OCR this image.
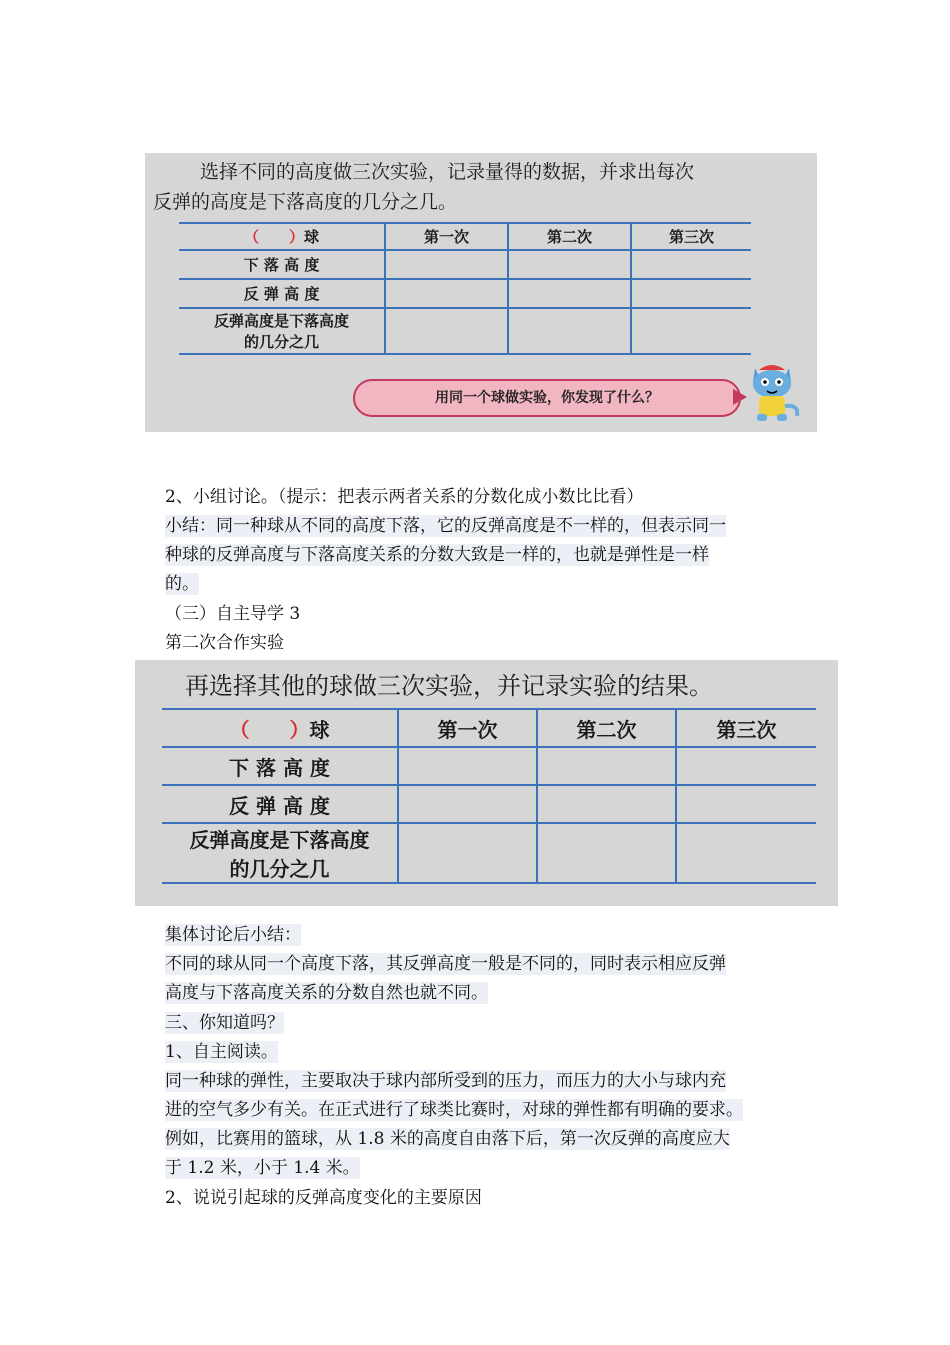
选择不同的高度做三次实验，记录量得的数据，并求出每次
反弹的高度是下落高度的几分之几。
（　　）球	第一次	第二次	第三次
下 落 高 度			
反 弹 高 度			

反弹高度是下落高度
的几分之几			

用同一个球做实验，你发现了什么？
2、小组讨论。（提示：把表示两者关系的分数化成小数比比看）
小结：同一种球从不同的高度下落，它的反弹高度是不一样的，但表示同一
种球的反弹高度与下落高度关系的分数大致是一样的，也就是弹性是一样
的。
（三）自主导学 3
第二次合作实验
再选择其他的球做三次实验，并记录实验的结果。
（　　）球	第一次	第二次	第三次
下 落 高 度			
反 弹 高 度			

反弹高度是下落高度
的几分之几			

集体讨论后小结：
不同的球从同一个高度下落，其反弹高度一般是不同的，同时表示相应反弹
高度与下落高度关系的分数自然也就不同。
三、你知道吗？
1、自主阅读。
同一种球的弹性，主要取决于球内部所受到的压力，而压力的大小与球内充
进的空气多少有关。在正式进行了球类比赛时，对球的弹性都有明确的要求。
例如，比赛用的篮球，从 1.8 米的高度自由落下后，第一次反弹的高度应大
于 1.2 米，小于 1.4 米。
2、说说引起球的反弹高度变化的主要原因
